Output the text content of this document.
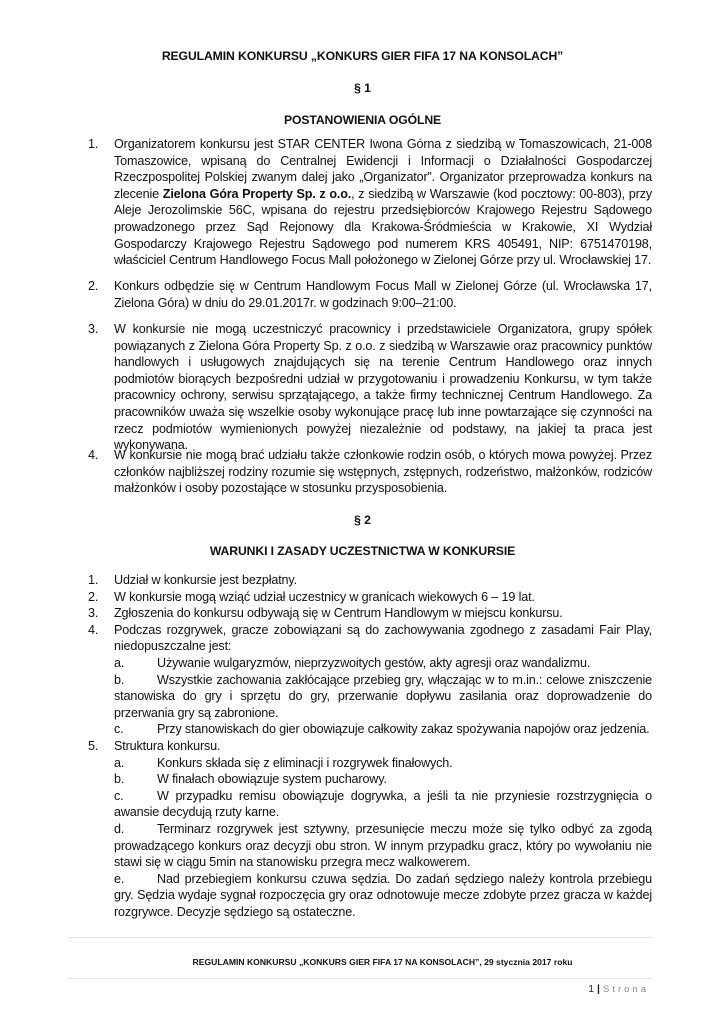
REGULAMIN KONKURSU „KONKURS GIER FIFA 17 NA KONSOLACH”
§ 1
POSTANOWIENIA OGÓLNE
1. Organizatorem konkursu jest STAR CENTER Iwona Górna z siedzibą w Tomaszowicach, 21-008 Tomaszowice, wpisaną do Centralnej Ewidencji i Informacji o Działalności Gospodarczej Rzeczpospolitej Polskiej zwanym dalej jako „Organizator”. Organizator przeprowadza konkurs na zlecenie Zielona Góra Property Sp. z o.o., z siedzibą w Warszawie (kod pocztowy: 00-803), przy Aleje Jerozolimskie 56C, wpisana do rejestru przedsiębiorców Krajowego Rejestru Sądowego prowadzonego przez Sąd Rejonowy dla Krakowa-Śródmieścia w Krakowie, XI Wydział Gospodarczy Krajowego Rejestru Sądowego pod numerem KRS 405491, NIP: 6751470198, właściciel Centrum Handlowego Focus Mall położonego w Zielonej Górze przy ul. Wrocławskiej 17.
2. Konkurs odbędzie się w Centrum Handlowym Focus Mall w Zielonej Górze (ul. Wrocławska 17, Zielona Góra) w dniu do 29.01.2017r. w godzinach 9:00–21:00.
3. W konkursie nie mogą uczestniczyć pracownicy i przedstawiciele Organizatora, grupy spółek powiązanych z Zielona Góra Property Sp. z o.o. z siedzibą w Warszawie oraz pracownicy punktów handlowych i usługowych znajdujących się na terenie Centrum Handlowego oraz innych podmiotów biorących bezpośredni udział w przygotowaniu i prowadzeniu Konkursu, w tym także pracownicy ochrony, serwisu sprzątającego, a także firmy technicznej Centrum Handlowego. Za pracowników uważa się wszelkie osoby wykonujące pracę lub inne powtarzające się czynności na rzecz podmiotów wymienionych powyżej niezależnie od podstawy, na jakiej ta praca jest wykonywana.
4. W konkursie nie mogą brać udziału także członkowie rodzin osób, o których mowa powyżej. Przez członków najbliższej rodziny rozumie się wstępnych, zstępnych, rodzeństwo, małżonków, rodziców małżonków i osoby pozostające w stosunku przysposobienia.
§ 2
WARUNKI I ZASADY UCZESTNICTWA W KONKURSIE
1. Udział w konkursie jest bezpłatny.
2. W konkursie mogą wziąć udział uczestnicy w granicach wiekowych 6 – 19 lat.
3. Zgłoszenia do konkursu odbywają się w Centrum Handlowym w miejscu konkursu.
4. Podczas rozgrywek, gracze zobowiązani są do zachowywania zgodnego z zasadami Fair Play, niedopuszczalne jest:
a.	Używanie wulgaryzmów, nieprzyzwoitych gestów, akty agresji oraz wandalizmu.
b.	Wszystkie zachowania zakłócające przebieg gry, włączając w to m.in.: celowe zniszczenie stanowiska do gry i sprzętu do gry, przerwanie dopływu zasilania oraz doprowadzenie do przerwania gry są zabronione.
c.	Przy stanowiskach do gier obowiązuje całkowity zakaz spożywania napojów oraz jedzenia.
5. Struktura konkursu.
a.	Konkurs składa się z eliminacji i rozgrywek finałowych.
b.	W finałach obowiązuje system pucharowy.
c.	W przypadku remisu obowiązuje dogrywka, a jeśli ta nie przyniesie rozstrzygnięcia o awansie decydują rzuty karne.
d.	Terminarz rozgrywek jest sztywny, przesunięcie meczu może się tylko odbyć za zgodą prowadzącego konkurs oraz decyzji obu stron. W innym przypadku gracz, który po wywołaniu nie stawi się w ciągu 5min na stanowisku przegra mecz walkowerem.
e.	Nad przebiegiem konkursu czuwa sędzia. Do zadań sędziego należy kontrola przebiegu gry. Sędzia wydaje sygnał rozpoczęcia gry oraz odnotowuje mecze zdobyte przez gracza w każdej rozgrywce. Decyzje sędziego są ostateczne.
REGULAMIN KONKURSU „KONKURS GIER FIFA 17 NA KONSOLACH”, 29 stycznia 2017 roku
1 | Strona
